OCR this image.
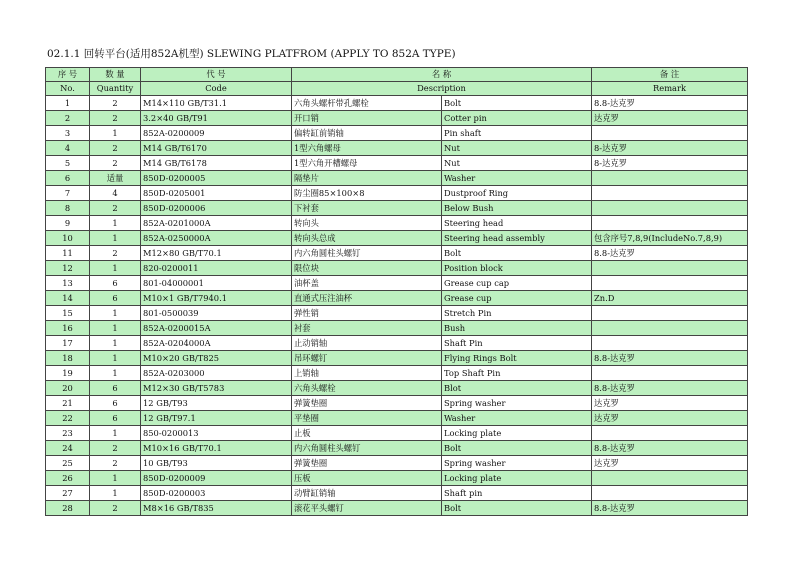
02.1.1 回转平台(适用852A机型) SLEWING PLATFROM (APPLY TO 852A TYPE)
序 号	数 量	代 号	名 称		备 注
No.	Quantity	Code	Description		Remark
1	2	M14×110 GB/T31.1	六角头螺杆带孔螺栓	Bolt	8.8-达克罗
2	2	3.2×40 GB/T91	开口销	Cotter pin	达克罗
3	1	852A-0200009	偏转缸前销轴	Pin shaft	
4	2	M14 GB/T6170	1型六角螺母	Nut	8-达克罗
5	2	M14 GB/T6178	1型六角开槽螺母	Nut	8-达克罗
6	适量	850D-0200005	隔垫片	Washer	
7	4	850D-0205001	防尘圈85×100×8	Dustproof Ring	
8	2	850D-0200006	下衬套	Below Bush	
9	1	852A-0201000A	转向头	Steering head	
10	1	852A-0250000A	转向头总成	Steering head assembly	包含序号7,8,9(IncludeNo.7,8,9)
11	2	M12×80 GB/T70.1	内六角圆柱头螺钉	Bolt	8.8-达克罗
12	1	820-0200011	限位块	Position block	
13	6	801-04000001	油杯盖	Grease cup cap	
14	6	M10×1 GB/T7940.1	直通式压注油杯	Grease cup	Zn.D
15	1	801-0500039	弹性销	Stretch Pin	
16	1	852A-0200015A	衬套	Bush	
17	1	852A-0204000A	止动销轴	Shaft Pin	
18	1	M10×20 GB/T825	吊环螺钉	Flying Rings Bolt	8.8-达克罗
19	1	852A-0203000	上销轴	Top Shaft Pin	
20	6	M12×30 GB/T5783	六角头螺栓	Blot	8.8-达克罗
21	6	12 GB/T93	弹簧垫圈	Spring washer	达克罗
22	6	12 GB/T97.1	平垫圈	Washer	达克罗
23	1	850-0200013	止板	Locking plate	
24	2	M10×16 GB/T70.1	内六角圆柱头螺钉	Bolt	8.8-达克罗
25	2	10 GB/T93	弹簧垫圈	Spring washer	达克罗
26	1	850D-0200009	压板	Locking plate	
27	1	850D-0200003	动臂缸销轴	Shaft pin	
28	2	M8×16 GB/T835	滚花平头螺钉	Bolt	8.8-达克罗
